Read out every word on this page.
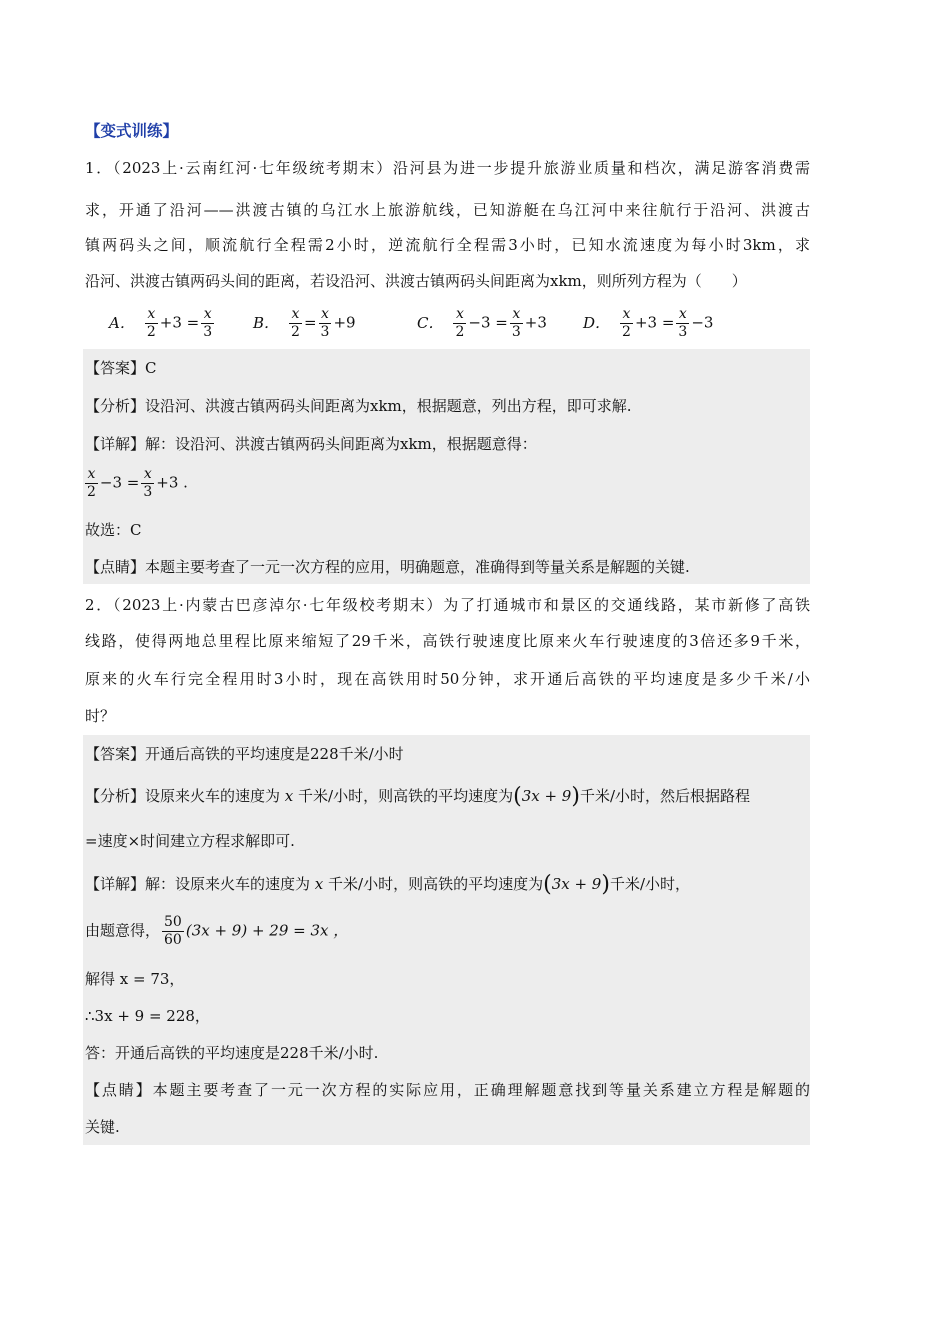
【变式训练】
1．（2023上·云南红河·七年级统考期末）沿河县为进一步提升旅游业质量和档次，满足游客消费需
求，开通了沿河——洪渡古镇的乌江水上旅游航线，已知游艇在乌江河中来往航行于沿河、洪渡古
镇两码头之间，顺流航行全程需2小时，逆流航行全程需3小时，已知水流速度为每小时3km，求
沿河、洪渡古镇两码头间的距离，若设沿河、洪渡古镇两码头间距离为xkm，则所列方程为（　　）
A． $\frac{x}{2} +3 = \frac{x}{3}$	B． $\frac{x}{2} = \frac{x}{3} +9$	C． $\frac{x}{2} -3 = \frac{x}{3} +3$ D． $\frac{x}{2} +3 = \frac{x}{3} -3$
【答案】C
【分析】设沿河、洪渡古镇两码头间距离为xkm，根据题意，列出方程，即可求解.
【详解】解：设沿河、洪渡古镇两码头间距离为xkm，根据题意得：
$\frac{x}{2} -3 = \frac{x}{3} +3$ .
故选：C
【点睛】本题主要考查了一元一次方程的应用，明确题意，准确得到等量关系是解题的关键.
2．（2023上·内蒙古巴彦淖尔·七年级校考期末）为了打通城市和景区的交通线路，某市新修了高铁
线路，使得两地总里程比原来缩短了29千米，高铁行驶速度比原来火车行驶速度的3倍还多9千米，
原来的火车行完全程用时3小时，现在高铁用时50分钟，求开通后高铁的平均速度是多少千米/小
时？
【答案】开通后高铁的平均速度是228千米/小时
【分析】设原来火车的速度为 x 千米/小时，则高铁的平均速度为(3x + 9)千米/小时，然后根据路程
=速度×时间建立方程求解即可.
【详解】解：设原来火车的速度为 x 千米/小时，则高铁的平均速度为(3x + 9)千米/小时，
由题意得， $\frac{50}{60} (3x + 9) + 29 = 3x$ ，
解得 x = 73，
∴3x + 9 = 228，
答：开通后高铁的平均速度是228千米/小时.
【点睛】本题主要考查了一元一次方程的实际应用，正确理解题意找到等量关系建立方程是解题的
关键.
